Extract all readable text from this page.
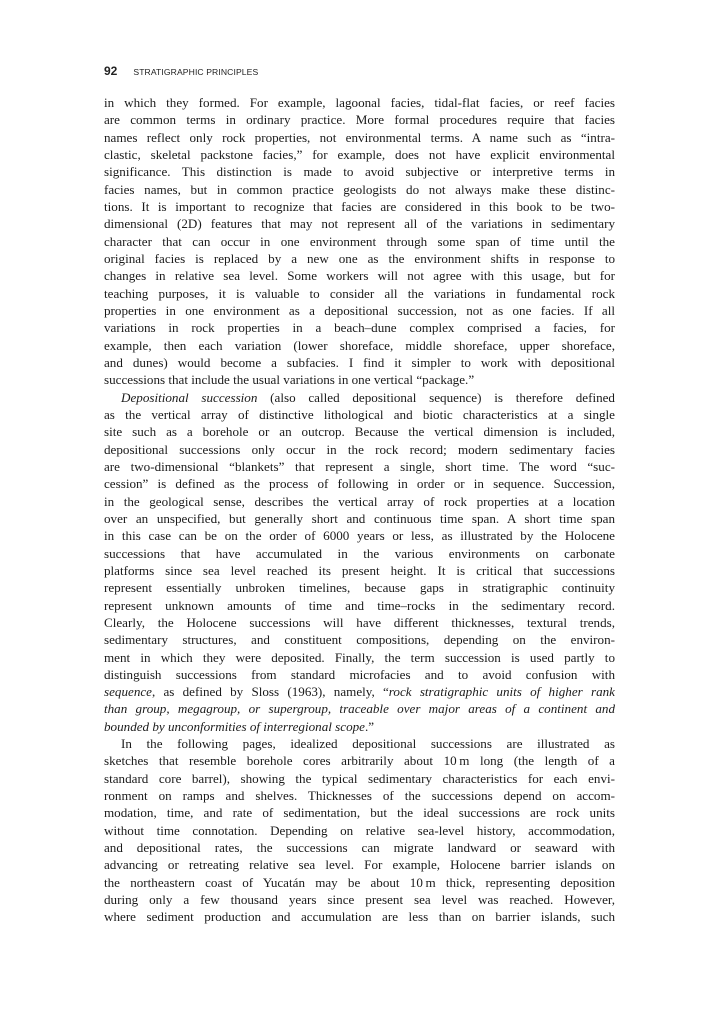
92 STRATIGRAPHIC PRINCIPLES

in which they formed. For example, lagoonal facies, tidal-flat facies, or reef facies
are common terms in ordinary practice. More formal procedures require that facies
names reflect only rock properties, not environmental terms. A name such as “intra-
clastic, skeletal packstone facies,” for example, does not have explicit environmental
significance. This distinction is made to avoid subjective or interpretive terms in
facies names, but in common practice geologists do not always make these distinc-
tions. It is important to recognize that facies are considered in this book to be two-
dimensional (2D) features that may not represent all of the variations in sedimentary
character that can occur in one environment through some span of time until the
original facies is replaced by a new one as the environment shifts in response to
changes in relative sea level. Some workers will not agree with this usage, but for
teaching purposes, it is valuable to consider all the variations in fundamental rock
properties in one environment as a depositional succession, not as one facies. If all
variations in rock properties in a beach–dune complex comprised a facies, for
example, then each variation (lower shoreface, middle shoreface, upper shoreface,
and dunes) would become a subfacies. I find it simpler to work with depositional
successions that include the usual variations in one vertical “package.”

Depositional succession (also called depositional sequence) is therefore defined
as the vertical array of distinctive lithological and biotic characteristics at a single
site such as a borehole or an outcrop. Because the vertical dimension is included,
depositional successions only occur in the rock record; modern sedimentary facies
are two-dimensional “blankets” that represent a single, short time. The word “suc-
cession” is defined as the process of following in order or in sequence. Succession,
in the geological sense, describes the vertical array of rock properties at a location
over an unspecified, but generally short and continuous time span. A short time span
in this case can be on the order of 6000 years or less, as illustrated by the Holocene
successions that have accumulated in the various environments on carbonate
platforms since sea level reached its present height. It is critical that successions
represent essentially unbroken timelines, because gaps in stratigraphic continuity
represent unknown amounts of time and time–rocks in the sedimentary record.
Clearly, the Holocene successions will have different thicknesses, textural trends,
sedimentary structures, and constituent compositions, depending on the environ-
ment in which they were deposited. Finally, the term succession is used partly to
distinguish successions from standard microfacies and to avoid confusion with
sequence, as defined by Sloss (1963), namely, “rock stratigraphic units of higher rank
than group, megagroup, or supergroup, traceable over major areas of a continent and
bounded by unconformities of interregional scope.”

In the following pages, idealized depositional successions are illustrated as
sketches that resemble borehole cores arbitrarily about 10 m long (the length of a
standard core barrel), showing the typical sedimentary characteristics for each envi-
ronment on ramps and shelves. Thicknesses of the successions depend on accom-
modation, time, and rate of sedimentation, but the ideal successions are rock units
without time connotation. Depending on relative sea-level history, accommodation,
and depositional rates, the successions can migrate landward or seaward with
advancing or retreating relative sea level. For example, Holocene barrier islands on
the northeastern coast of Yucatán may be about 10 m thick, representing deposition
during only a few thousand years since present sea level was reached. However,
where sediment production and accumulation are less than on barrier islands, such
